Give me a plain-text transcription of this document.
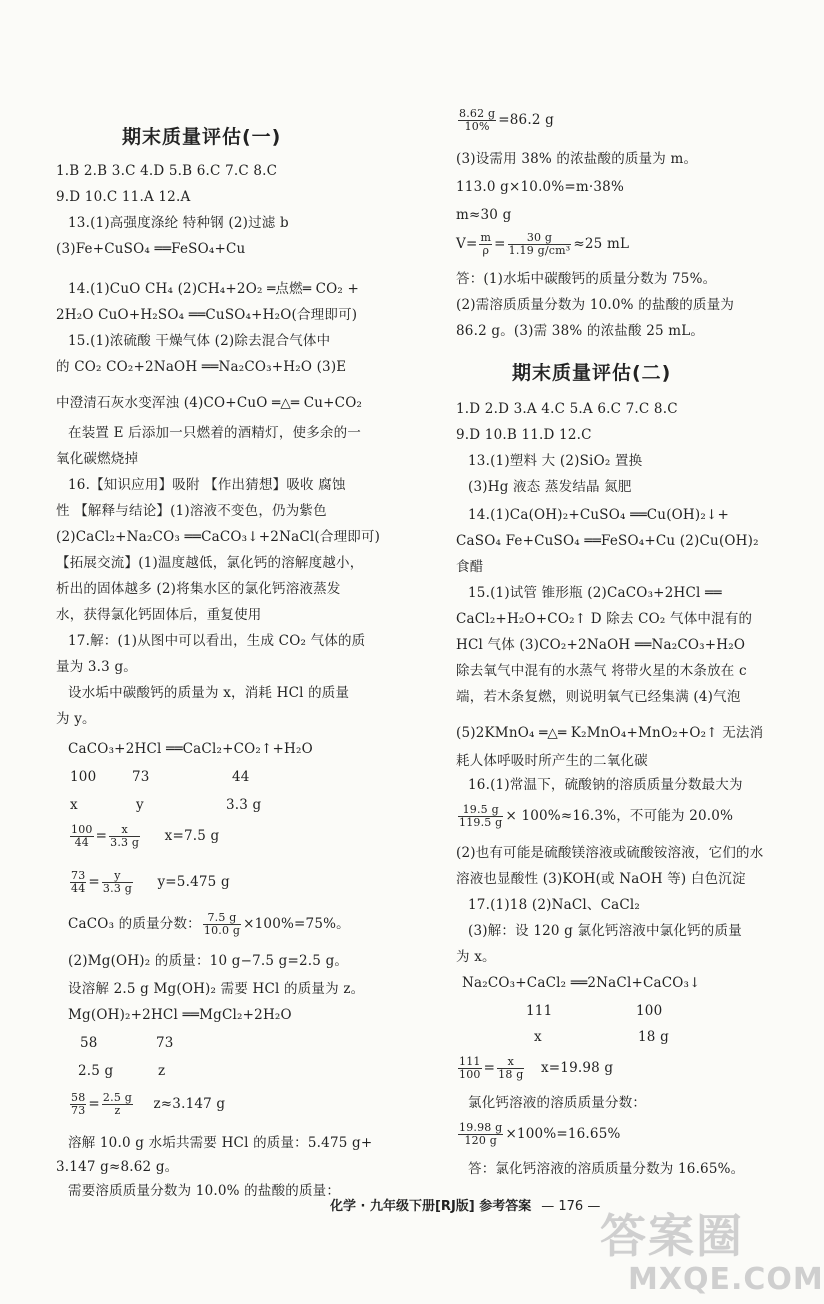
期末质量评估(一)
1.B 2.B 3.C 4.D 5.B 6.C 7.C 8.C
9.D 10.C 11.A 12.A
13.(1)高强度涤纶 特种钢 (2)过滤 b
(3)Fe+CuSO₄ ══FeSO₄+Cu
14.(1)CuO CH₄ (2)CH₄+2O₂ ═点燃═ CO₂ +
2H₂O CuO+H₂SO₄ ══CuSO₄+H₂O(合理即可)
15.(1)浓硫酸 干燥气体 (2)除去混合气体中
的 CO₂ CO₂+2NaOH ══Na₂CO₃+H₂O (3)E
中澄清石灰水变浑浊 (4)CO+CuO ═△═ Cu+CO₂
在装置 E 后添加一只燃着的酒精灯，使多余的一
氧化碳燃烧掉
16.【知识应用】吸附 【作出猜想】吸收 腐蚀
性 【解释与结论】(1)溶液不变色，仍为紫色
(2)CaCl₂+Na₂CO₃ ══CaCO₃↓+2NaCl(合理即可)
【拓展交流】(1)温度越低，氯化钙的溶解度越小，
析出的固体越多 (2)将集水区的氯化钙溶液蒸发
水，获得氯化钙固体后，重复使用
17.解：(1)从图中可以看出，生成 CO₂ 气体的质
量为 3.3 g。
设水垢中碳酸钙的质量为 x，消耗 HCl 的质量
为 y。
CaCO₃+2HCl ══CaCl₂+CO₂↑+H₂O
100	73	44
x	y	3.3 g
$\frac{100}{44} = \frac{x}{3.3 g} x=7.5$ g
$\frac{73}{44} = \frac{y}{3.3 g} y=5.475$ g
CaCO₃ 的质量分数： $\frac{7.5 g}{10.0 g} \times 100\%=75\%$。
(2)Mg(OH)₂ 的质量：10 g−7.5 g=2.5 g。
设溶解 2.5 g Mg(OH)₂ 需要 HCl 的质量为 z。
Mg(OH)₂+2HCl ══MgCl₂+2H₂O
58	73
2.5 g	z
$\frac{58}{73} = \frac{2.5 g}{z} z\approx 3.147$ g
溶解 10.0 g 水垢共需要 HCl 的质量：5.475 g+
3.147 g≈8.62 g。
需要溶质质量分数为 10.0% 的盐酸的质量：
$\frac{8.62 g}{10\%} =86.2$ g
(3)设需用 38% 的浓盐酸的质量为 m。
113.0 g×10.0%=m·38%
m≈30 g
$V= \frac{m}{\rho} = \frac{30 g}{\text{1.19 g/cm³}} \approx 25$ mL
答：(1)水垢中碳酸钙的质量分数为 75%。
(2)需溶质质量分数为 10.0% 的盐酸的质量为
86.2 g。(3)需 38% 的浓盐酸 25 mL。
期末质量评估(二)
1.D 2.D 3.A 4.C 5.A 6.C 7.C 8.C
9.D 10.B 11.D 12.C
13.(1)塑料 大 (2)SiO₂ 置换
(3)Hg 液态 蒸发结晶 氮肥
14.(1)Ca(OH)₂+CuSO₄ ══Cu(OH)₂↓+
CaSO₄ Fe+CuSO₄ ══FeSO₄+Cu (2)Cu(OH)₂
食醋
15.(1)试管 锥形瓶 (2)CaCO₃+2HCl ══
CaCl₂+H₂O+CO₂↑ D 除去 CO₂ 气体中混有的
HCl 气体 (3)CO₂+2NaOH ══Na₂CO₃+H₂O
除去氧气中混有的水蒸气 将带火星的木条放在 c
端，若木条复燃，则说明氧气已经集满 (4)气泡
(5)2KMnO₄ ═△═ K₂MnO₄+MnO₂+O₂↑ 无法消
耗人体呼吸时所产生的二氧化碳
16.(1)常温下，硫酸钠的溶质质量分数最大为
$\frac{19.5 g}{119.5 g} \times 100\%\approx 16.3\%$，不可能为 20.0%
(2)也有可能是硫酸镁溶液或硫酸铵溶液，它们的水
溶液也显酸性 (3)KOH(或 NaOH 等) 白色沉淀
17.(1)18 (2)NaCl、CaCl₂
(3)解：设 120 g 氯化钙溶液中氯化钙的质量
为 x。
Na₂CO₃+CaCl₂ ══2NaCl+CaCO₃↓
111	100
x	18 g
$\frac{111}{100} = \frac{x}{18 g} x=19.98$ g
氯化钙溶液的溶质质量分数：
$\frac{19.98 g}{120 g} \times 100\%=16.65\%$
答：氯化钙溶液的溶质质量分数为 16.65%。
化学 · 九年级下册[RJ版] 参考答案 — 176 —
答案圈
MXQE.COM
